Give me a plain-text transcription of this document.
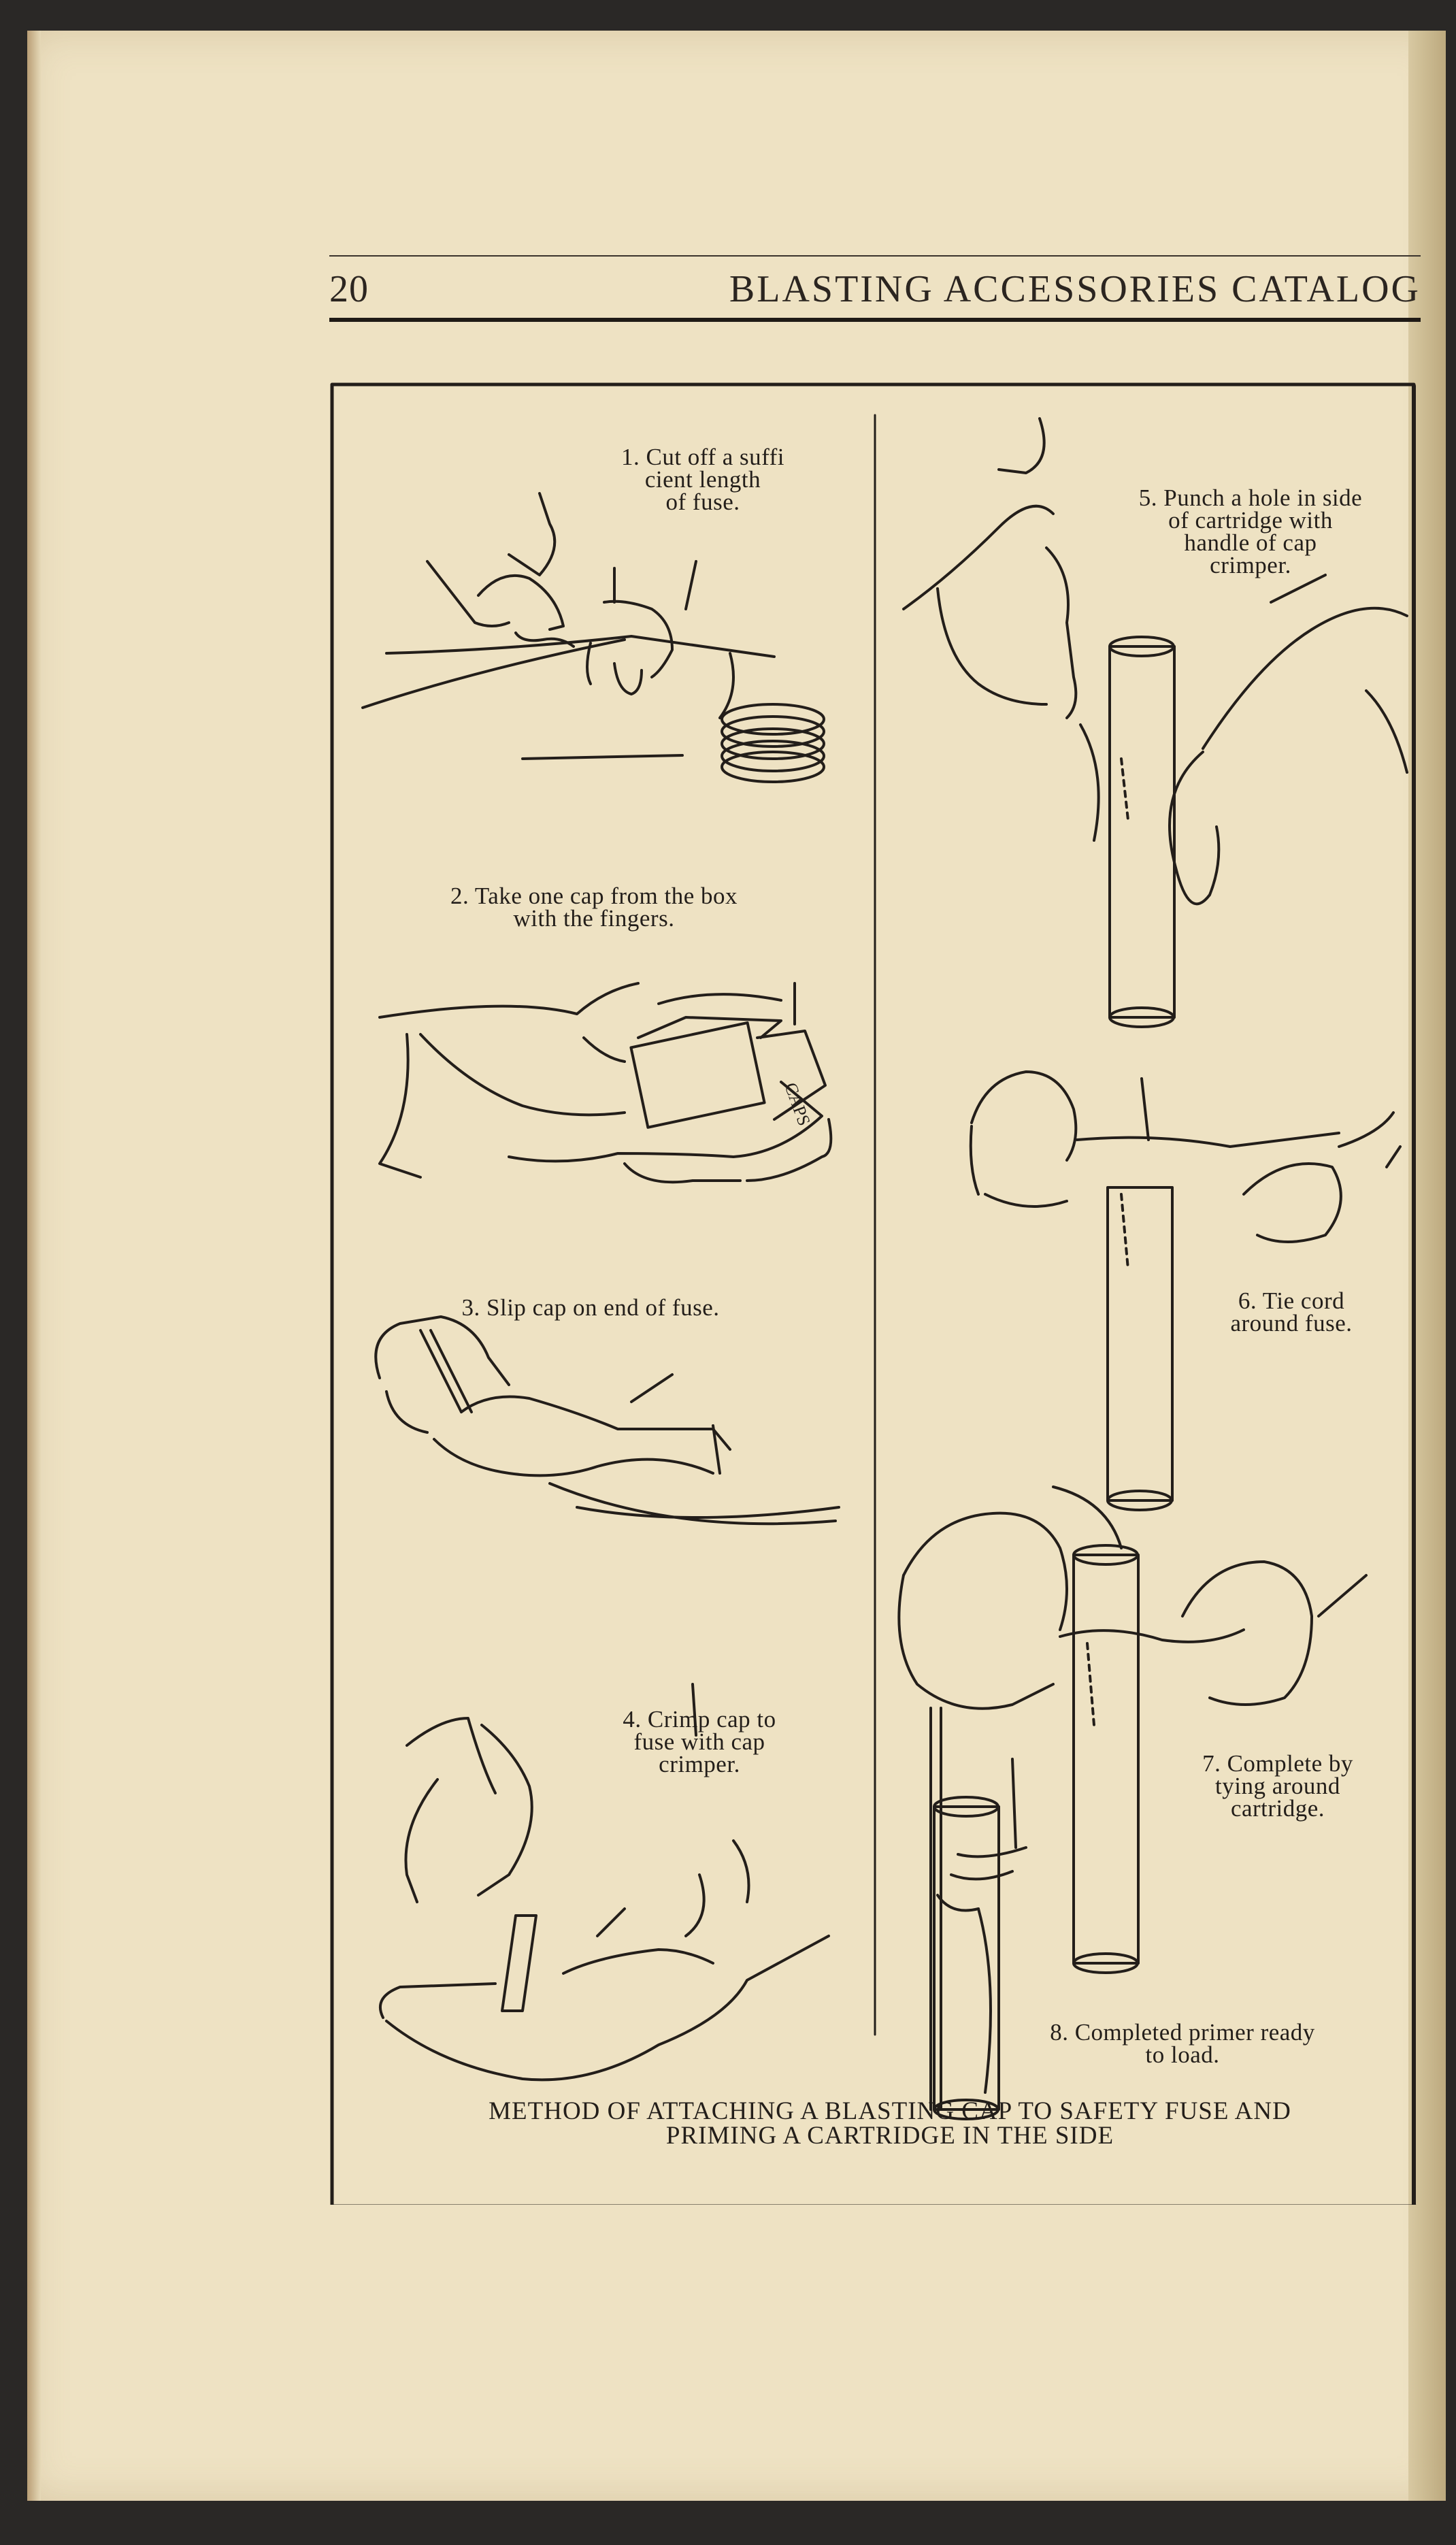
20	BLASTING ACCESSORIES CATALOG
CAPS
1. Cut off a suffi
cient length
of fuse.
2. Take one cap from the box
with the fingers.
3. Slip cap on end of fuse.
4. Crimp cap to
fuse with cap
crimper.
5. Punch a hole in side
of cartridge with
handle of cap
crimper.
6. Tie cord
around fuse.
7. Complete by
tying around
cartridge.
8. Completed primer ready
to load.
METHOD OF ATTACHING A BLASTING CAP TO SAFETY FUSE AND
PRIMING A CARTRIDGE IN THE SIDE
